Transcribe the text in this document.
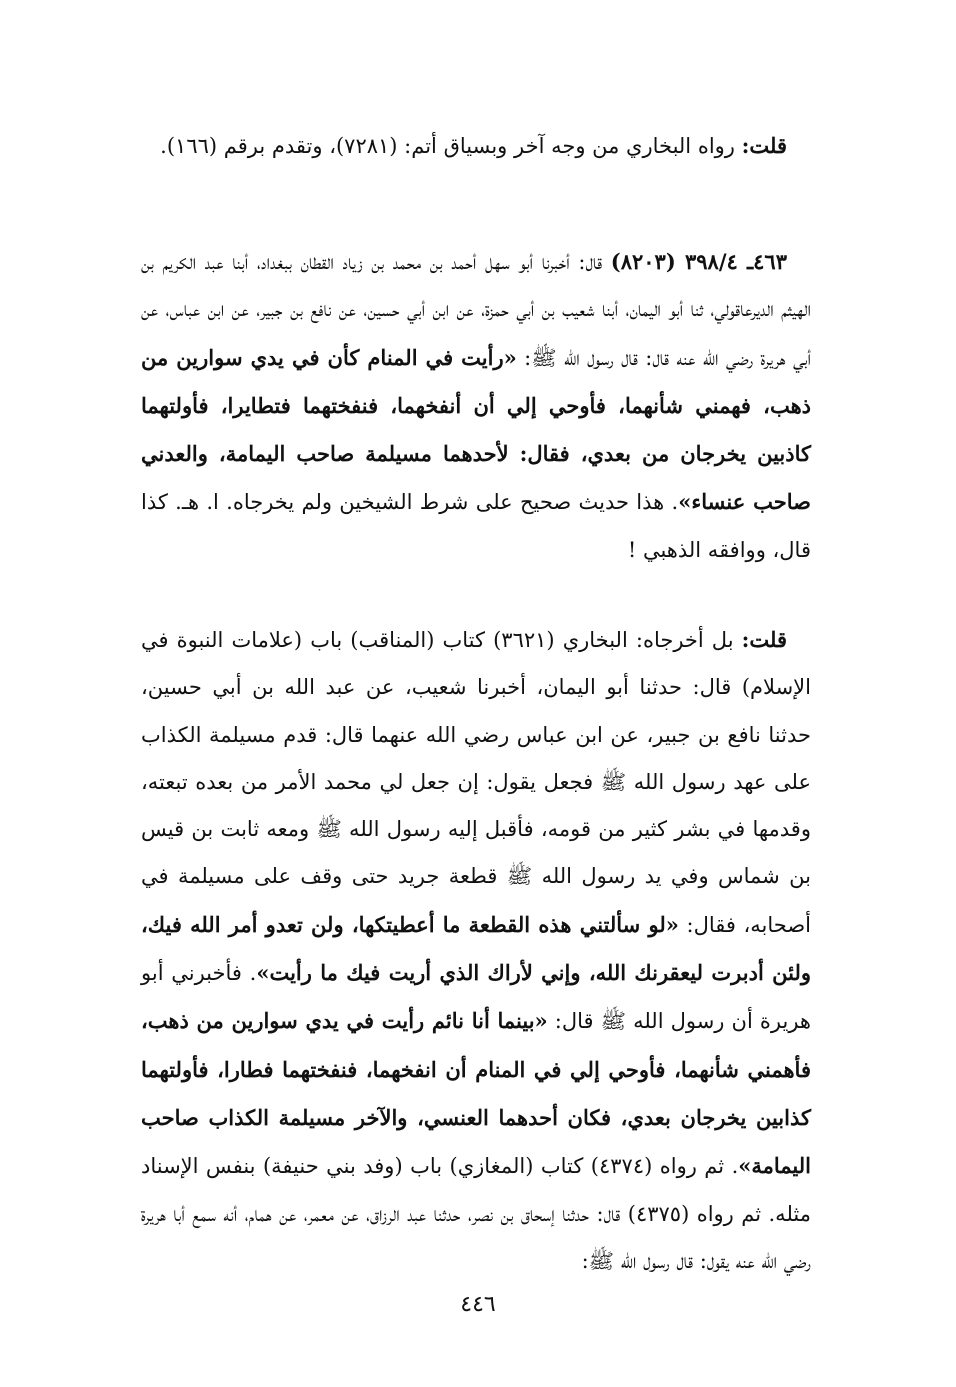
قلت: رواه البخاري من وجه آخر وبسياق أتم: (٧٢٨١)، وتقدم برقم (١٦٦).

٤٦٣ـ ٣٩٨/٤ (٨٢٠٣) قال: أخبرنا أبو سهل أحمد بن محمد بن زياد القطان ببغداد، أبنا عبد الكريم بن الهيثم الديرعاقولي، ثنا أبو اليمان، أبنا شعيب بن أبي حمزة، عن ابن أبي حسين، عن نافع بن جبير، عن ابن عباس، عن أبي هريرة رضي الله عنه قال: قال رسول الله ﷺ: «رأيت في المنام كأن في يدي سوارين من ذهب، فهمني شأنهما، فأوحي إلي أن أنفخهما، فنفختهما فتطايرا، فأولتهما كاذبين يخرجان من بعدي، فقال: لأحدهما مسيلمة صاحب اليمامة، والعدني صاحب عنساء». هذا حديث صحيح على شرط الشيخين ولم يخرجاه. ا. هـ. كذا قال، ووافقه الذهبي !

قلت: بل أخرجاه: البخاري (٣٦٢١) كتاب (المناقب) باب (علامات النبوة في الإسلام) قال: حدثنا أبو اليمان، أخبرنا شعيب، عن عبد الله بن أبي حسين، حدثنا نافع بن جبير، عن ابن عباس رضي الله عنهما قال: قدم مسيلمة الكذاب على عهد رسول الله ﷺ فجعل يقول: إن جعل لي محمد الأمر من بعده تبعته، وقدمها في بشر كثير من قومه، فأقبل إليه رسول الله ﷺ ومعه ثابت بن قيس بن شماس وفي يد رسول الله ﷺ قطعة جريد حتى وقف على مسيلمة في أصحابه، فقال: «لو سألتني هذه القطعة ما أعطيتكها، ولن تعدو أمر الله فيك، ولئن أدبرت ليعقرنك الله، وإني لأراك الذي أريت فيك ما رأيت». فأخبرني أبو هريرة أن رسول الله ﷺ قال: «بينما أنا نائم رأيت في يدي سوارين من ذهب، فأهمني شأنهما، فأوحي إلي في المنام أن انفخهما، فنفختهما فطارا، فأولتهما كذابين يخرجان بعدي، فكان أحدهما العنسي، والآخر مسيلمة الكذاب صاحب اليمامة». ثم رواه (٤٣٧٤) كتاب (المغازي) باب (وفد بني حنيفة) بنفس الإسناد مثله. ثم رواه (٤٣٧٥) قال: حدثنا إسحاق بن نصر، حدثنا عبد الرزاق، عن معمر، عن همام، أنه سمع أبا هريرة رضي الله عنه يقول: قال رسول الله ﷺ:

٤٤٦
